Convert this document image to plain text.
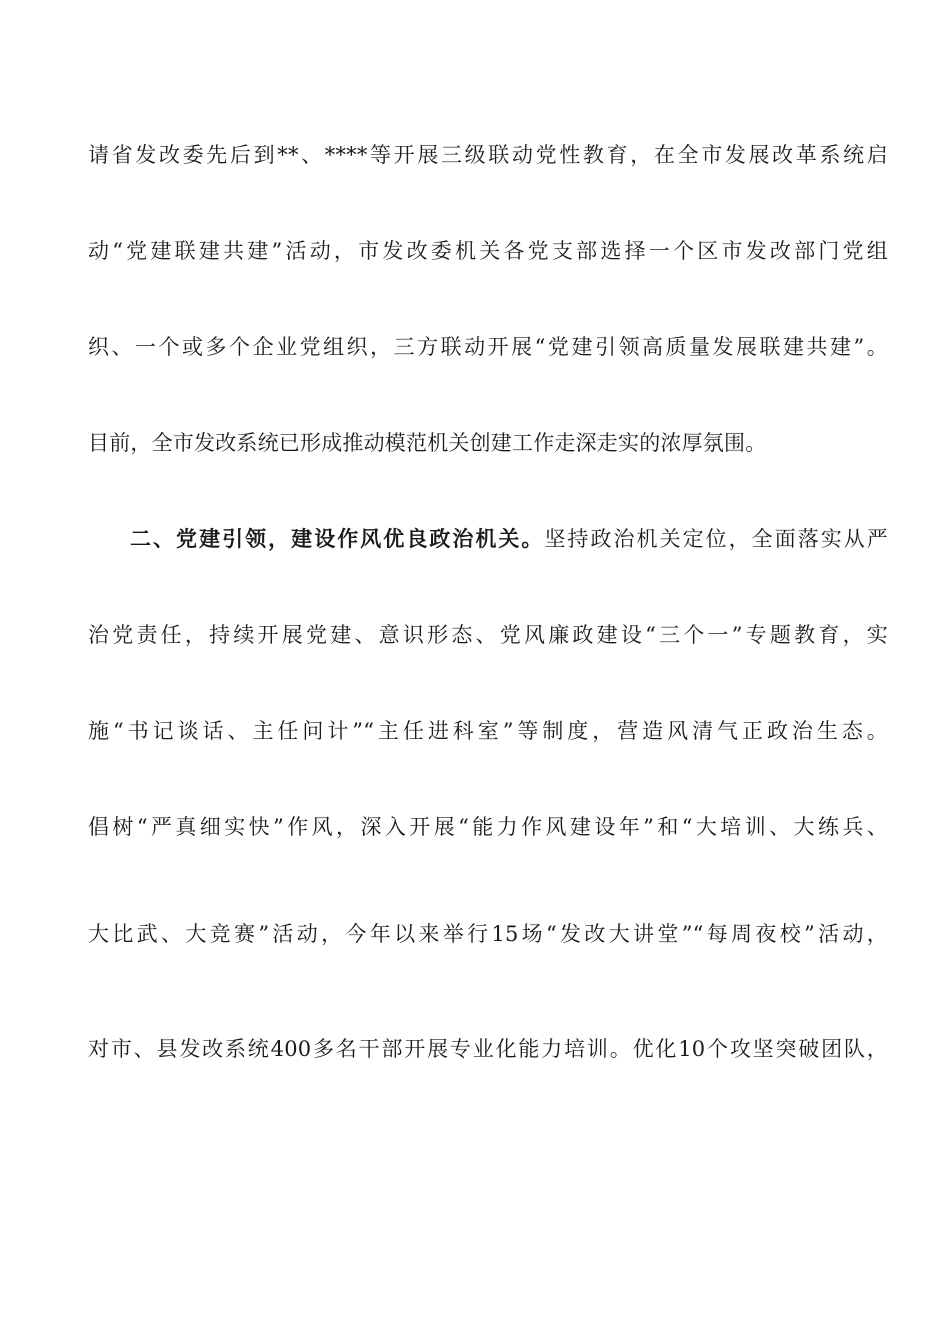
请省发改委先后到**、****等开展三级联动党性教育，在全市发展改革系统启
动“党建联建共建”活动，市发改委机关各党支部选择一个区市发改部门党组
织、一个或多个企业党组织，三方联动开展“党建引领高质量发展联建共建”。
目前，全市发改系统已形成推动模范机关创建工作走深走实的浓厚氛围。
二、党建引领，建设作风优良政治机关。坚持政治机关定位，全面落实从严
治党责任，持续开展党建、意识形态、党风廉政建设“三个一”专题教育，实
施“书记谈话、主任问计”“主任进科室”等制度，营造风清气正政治生态。
倡树“严真细实快”作风，深入开展“能力作风建设年”和“大培训、大练兵、
大比武、大竞赛”活动，今年以来举行15场“发改大讲堂”“每周夜校”活动，
对市、县发改系统400多名干部开展专业化能力培训。优化10个攻坚突破团队，
